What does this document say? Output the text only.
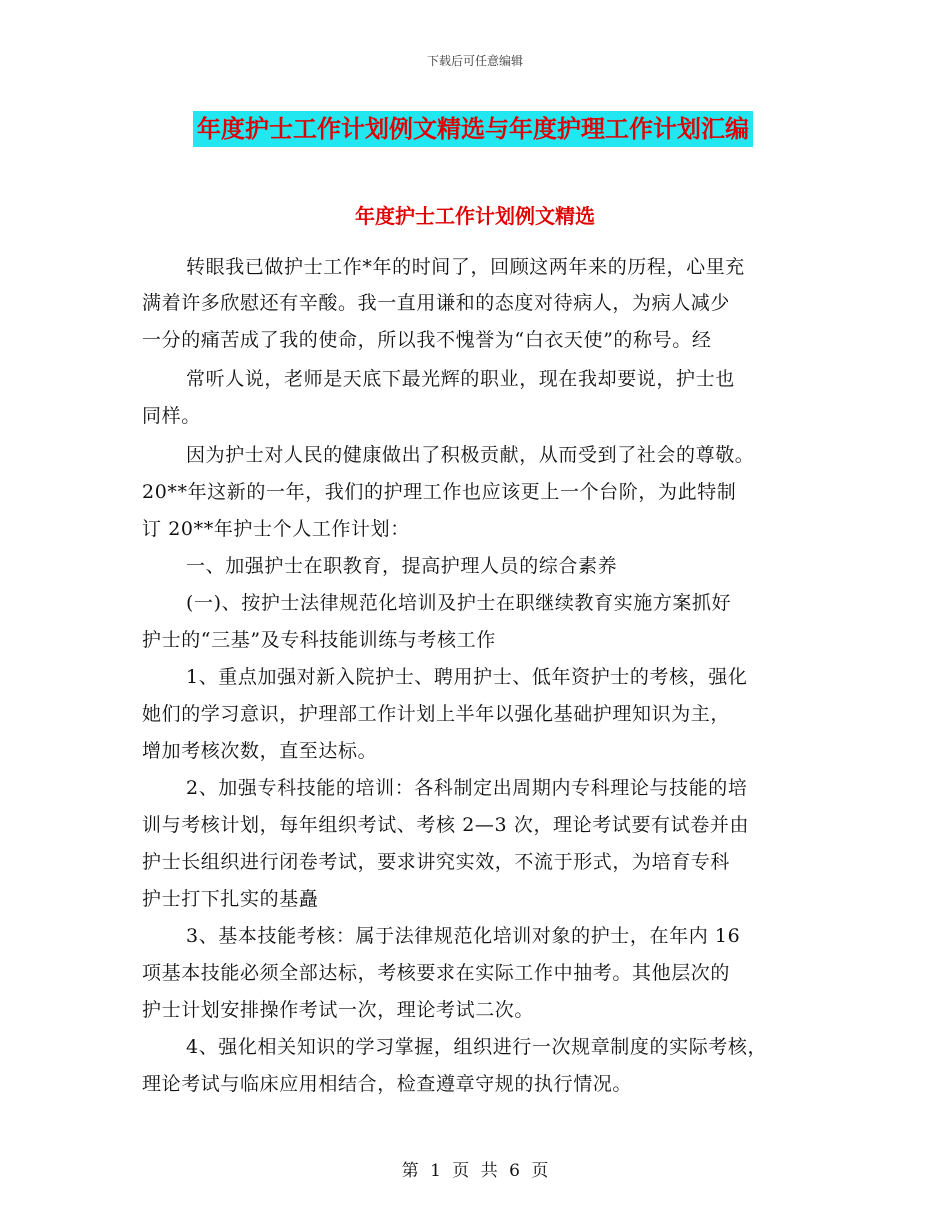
下载后可任意编辑
年度护士工作计划例文精选与年度护理工作计划汇编
年度护士工作计划例文精选
转眼我已做护士工作*年的时间了，回顾这两年来的历程，心里充
满着许多欣慰还有辛酸。我一直用谦和的态度对待病人，为病人减少
一分的痛苦成了我的使命，所以我不愧誉为“白衣天使”的称号。经
常听人说，老师是天底下最光辉的职业，现在我却要说，护士也
同样。
因为护士对人民的健康做出了积极贡献，从而受到了社会的尊敬。
20**年这新的一年，我们的护理工作也应该更上一个台阶，为此特制
订 20**年护士个人工作计划：
一、加强护士在职教育，提高护理人员的综合素养
(一)、按护士法律规范化培训及护士在职继续教育实施方案抓好
护士的“三基”及专科技能训练与考核工作
1、重点加强对新入院护士、聘用护士、低年资护士的考核，强化
她们的学习意识，护理部工作计划上半年以强化基础护理知识为主，
增加考核次数，直至达标。
2、加强专科技能的培训：各科制定出周期内专科理论与技能的培
训与考核计划，每年组织考试、考核 2—3 次，理论考试要有试卷并由
护士长组织进行闭卷考试，要求讲究实效，不流于形式，为培育专科
护士打下扎实的基矗
3、基本技能考核：属于法律规范化培训对象的护士，在年内 16
项基本技能必须全部达标，考核要求在实际工作中抽考。其他层次的
护士计划安排操作考试一次，理论考试二次。
4、强化相关知识的学习掌握，组织进行一次规章制度的实际考核，
理论考试与临床应用相结合，检查遵章守规的执行情况。
第 1 页 共 6 页
